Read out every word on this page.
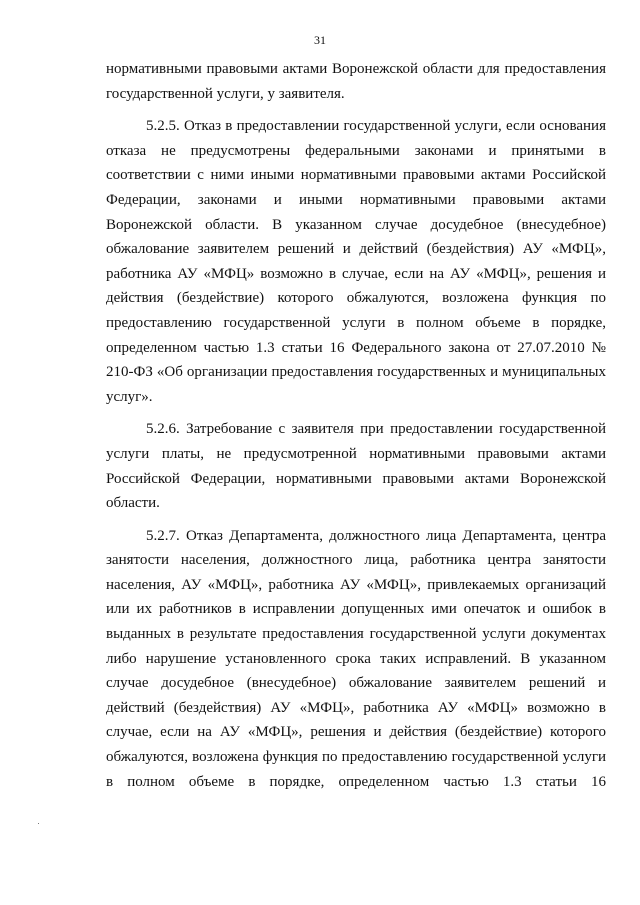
31
нормативными правовыми актами Воронежской области для предоставления
государственной услуги, у заявителя.
5.2.5. Отказ в предоставлении государственной услуги, если основания
отказа не предусмотрены федеральными законами и принятыми в
соответствии с ними иными нормативными правовыми актами Российской
Федерации, законами и иными нормативными правовыми актами
Воронежской области. В указанном случае досудебное (внесудебное)
обжалование заявителем решений и действий (бездействия) АУ «МФЦ»,
работника АУ «МФЦ» возможно в случае, если на АУ «МФЦ», решения и
действия (бездействие) которого обжалуются, возложена функция по
предоставлению государственной услуги в полном объеме в порядке,
определенном частью 1.3 статьи 16 Федерального закона от 27.07.2010 №
210-ФЗ «Об организации предоставления государственных и муниципальных
услуг».
5.2.6. Затребование с заявителя при предоставлении государственной
услуги платы, не предусмотренной нормативными правовыми актами
Российской Федерации, нормативными правовыми актами Воронежской
области.
5.2.7. Отказ Департамента, должностного лица Департамента, центра
занятости населения, должностного лица, работника центра занятости
населения, АУ «МФЦ», работника АУ «МФЦ», привлекаемых организаций
или их работников в исправлении допущенных ими опечаток и ошибок в
выданных в результате предоставления государственной услуги документах
либо нарушение установленного срока таких исправлений. В указанном
случае досудебное (внесудебное) обжалование заявителем решений и
действий (бездействия) АУ «МФЦ», работника АУ «МФЦ» возможно в
случае, если на АУ «МФЦ», решения и действия (бездействие) которого
обжалуются, возложена функция по предоставлению государственной услуги
в полном объеме в порядке, определенном частью 1.3 статьи 16
